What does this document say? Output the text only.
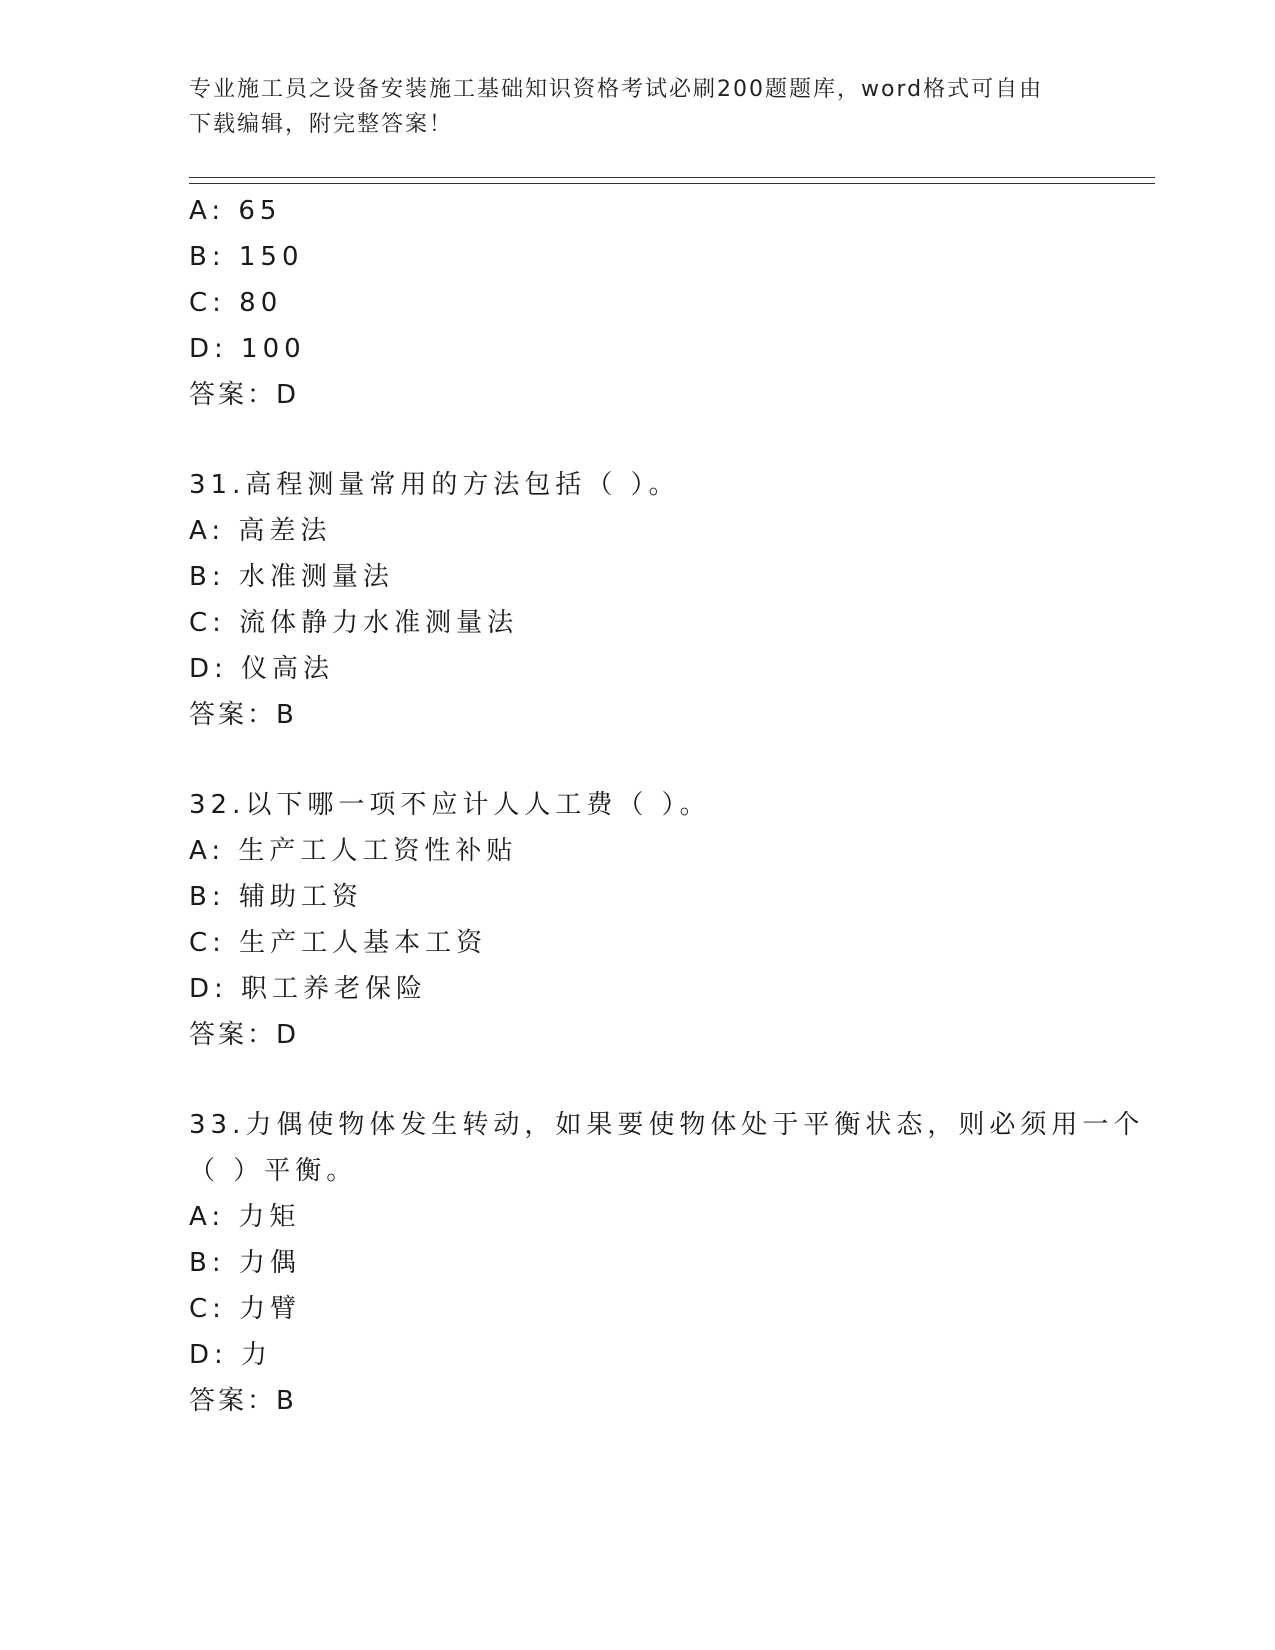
专业施工员之设备安装施工基础知识资格考试必刷200题题库，word格式可自由
下载编辑，附完整答案！
A: 65
B: 150
C: 80
D: 100
答案：D
31.高程测量常用的方法包括（ ）。
A: 高差法
B: 水准测量法
C: 流体静力水准测量法
D: 仪高法
答案：B
32.以下哪一项不应计人人工费（ ）。
A: 生产工人工资性补贴
B: 辅助工资
C: 生产工人基本工资
D: 职工养老保险
答案：D
33.力偶使物体发生转动，如果要使物体处于平衡状态，则必须用一个
（ ）平衡。
A: 力矩
B: 力偶
C: 力臂
D: 力
答案：B
